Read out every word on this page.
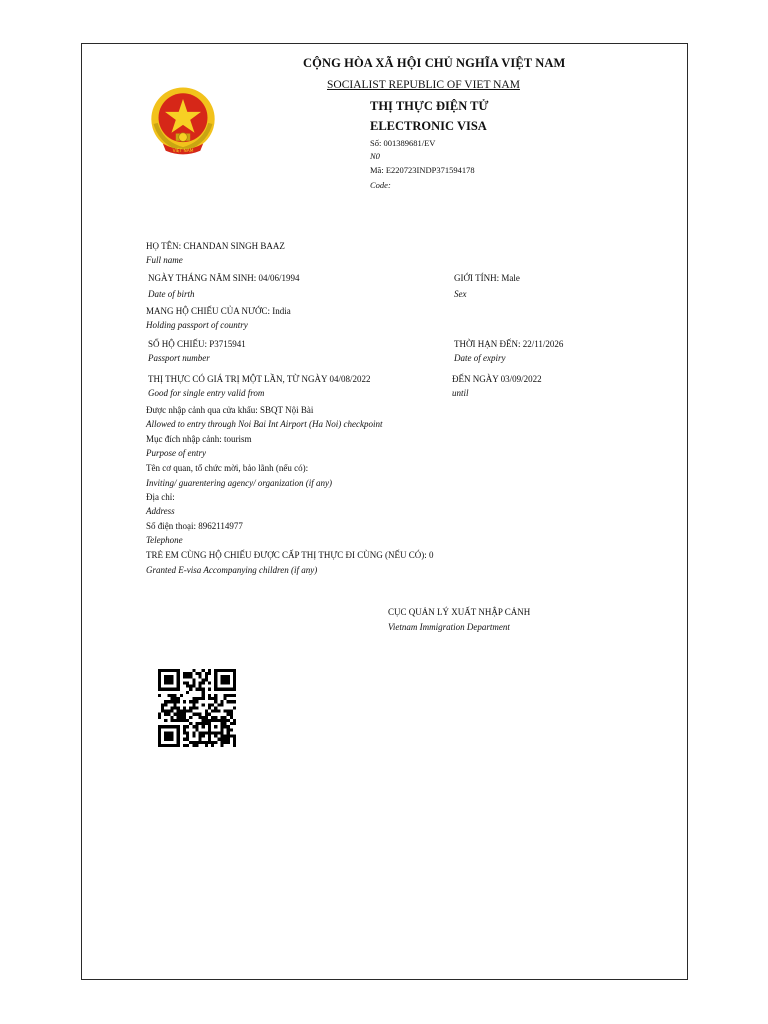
VIỆT NAM
CỘNG HÒA XÃ HỘI CHỦ NGHĨA VIỆT NAM
SOCIALIST REPUBLIC OF VIET NAM
THỊ THỰC ĐIỆN TỬ
ELECTRONIC VISA
Số: 001389681/EV
N0
Mã: E220723INDP371594178
Code:
HỌ TÊN: CHANDAN SINGH BAAZ
Full name
NGÀY THÁNG NĂM SINH: 04/06/1994
Date of birth
GIỚI TÍNH: Male
Sex
MANG HỘ CHIẾU CỦA NƯỚC: India
Holding passport of country
SỐ HỘ CHIẾU: P3715941
Passport number
THỜI HẠN ĐẾN: 22/11/2026
Date of expiry
THỊ THỰC CÓ GIÁ TRỊ MỘT LẦN, TỪ NGÀY 04/08/2022
Good for single entry valid from
ĐẾN NGÀY 03/09/2022
until
Được nhập cảnh qua cửa khẩu: SBQT Nội Bài
Allowed to entry through Noi Bai Int Airport (Ha Noi) checkpoint
Mục đích nhập cảnh: tourism
Purpose of entry
Tên cơ quan, tổ chức mời, bảo lãnh (nếu có):
Inviting/ guarentering agency/ organization (if any)
Địa chỉ:
Address
Số điện thoại: 8962114977
Telephone
TRẺ EM CÙNG HỘ CHIẾU ĐƯỢC CẤP THỊ THỰC ĐI CÙNG (NẾU CÓ): 0
Granted E-visa Accompanying children (if any)
CỤC QUẢN LÝ XUẤT NHẬP CẢNH
Vietnam Immigration Department
